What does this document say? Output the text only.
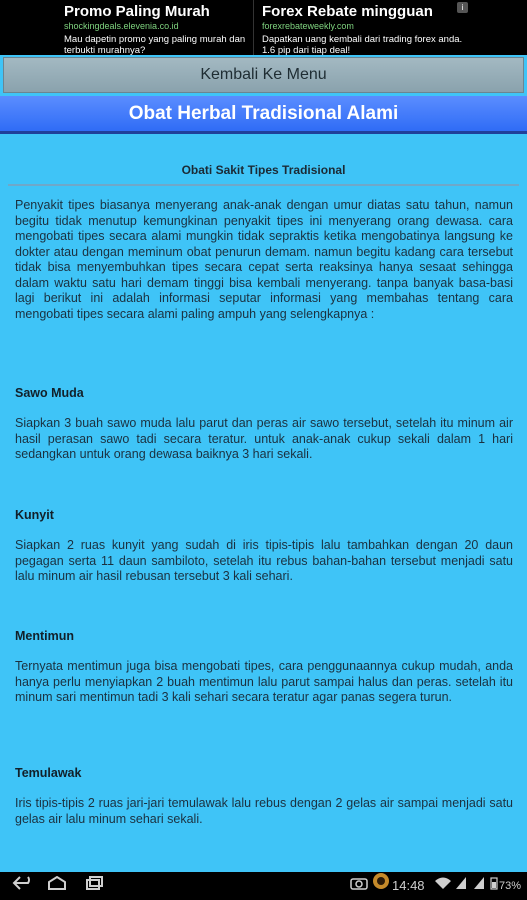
Promo Paling Murah
shockingdeals.elevenia.co.id
Mau dapetin promo yang paling murah dan terbukti murahnya?
Forex Rebate mingguan
forexrebateweekly.com
Dapatkan uang kembali dari trading forex anda. 1.6 pip dari tiap deal!
i
Kembali Ke Menu
Obat Herbal Tradisional Alami
Obati Sakit Tipes Tradisional
Penyakit tipes biasanya menyerang anak-anak dengan umur diatas satu tahun, namun begitu tidak menutup kemungkinan penyakit tipes ini menyerang orang dewasa. cara mengobati tipes secara alami mungkin tidak sepraktis ketika mengobatinya langsung ke dokter atau dengan meminum obat penurun demam. namun begitu kadang cara tersebut tidak bisa menyembuhkan tipes secara cepat serta reaksinya hanya sesaat sehingga dalam waktu satu hari demam tinggi bisa kembali menyerang. tanpa banyak basa-basi lagi berikut ini adalah informasi seputar informasi yang membahas tentang cara mengobati tipes secara alami paling ampuh yang selengkapnya :
Sawo Muda
Siapkan 3 buah sawo muda lalu parut dan peras air sawo tersebut, setelah itu minum air hasil perasan sawo tadi secara teratur. untuk anak-anak cukup sekali dalam 1 hari sedangkan untuk orang dewasa baiknya 3 hari sekali.
Kunyit
Siapkan 2 ruas kunyit yang sudah di iris tipis-tipis lalu tambahkan dengan 20 daun pegagan serta 11 daun sambiloto, setelah itu rebus bahan-bahan tersebut menjadi satu lalu minum air hasil rebusan tersebut 3 kali sehari.
Mentimun
Ternyata mentimun juga bisa mengobati tipes, cara penggunaannya cukup mudah, anda hanya perlu menyiapkan 2 buah mentimun lalu parut sampai halus dan peras. setelah itu minum sari mentimun tadi 3 kali sehari secara teratur agar panas segera turun.
Temulawak
Iris tipis-tipis 2 ruas jari-jari temulawak lalu rebus dengan 2 gelas air sampai menjadi satu gelas air lalu minum sehari sekali.
14:48	73%
